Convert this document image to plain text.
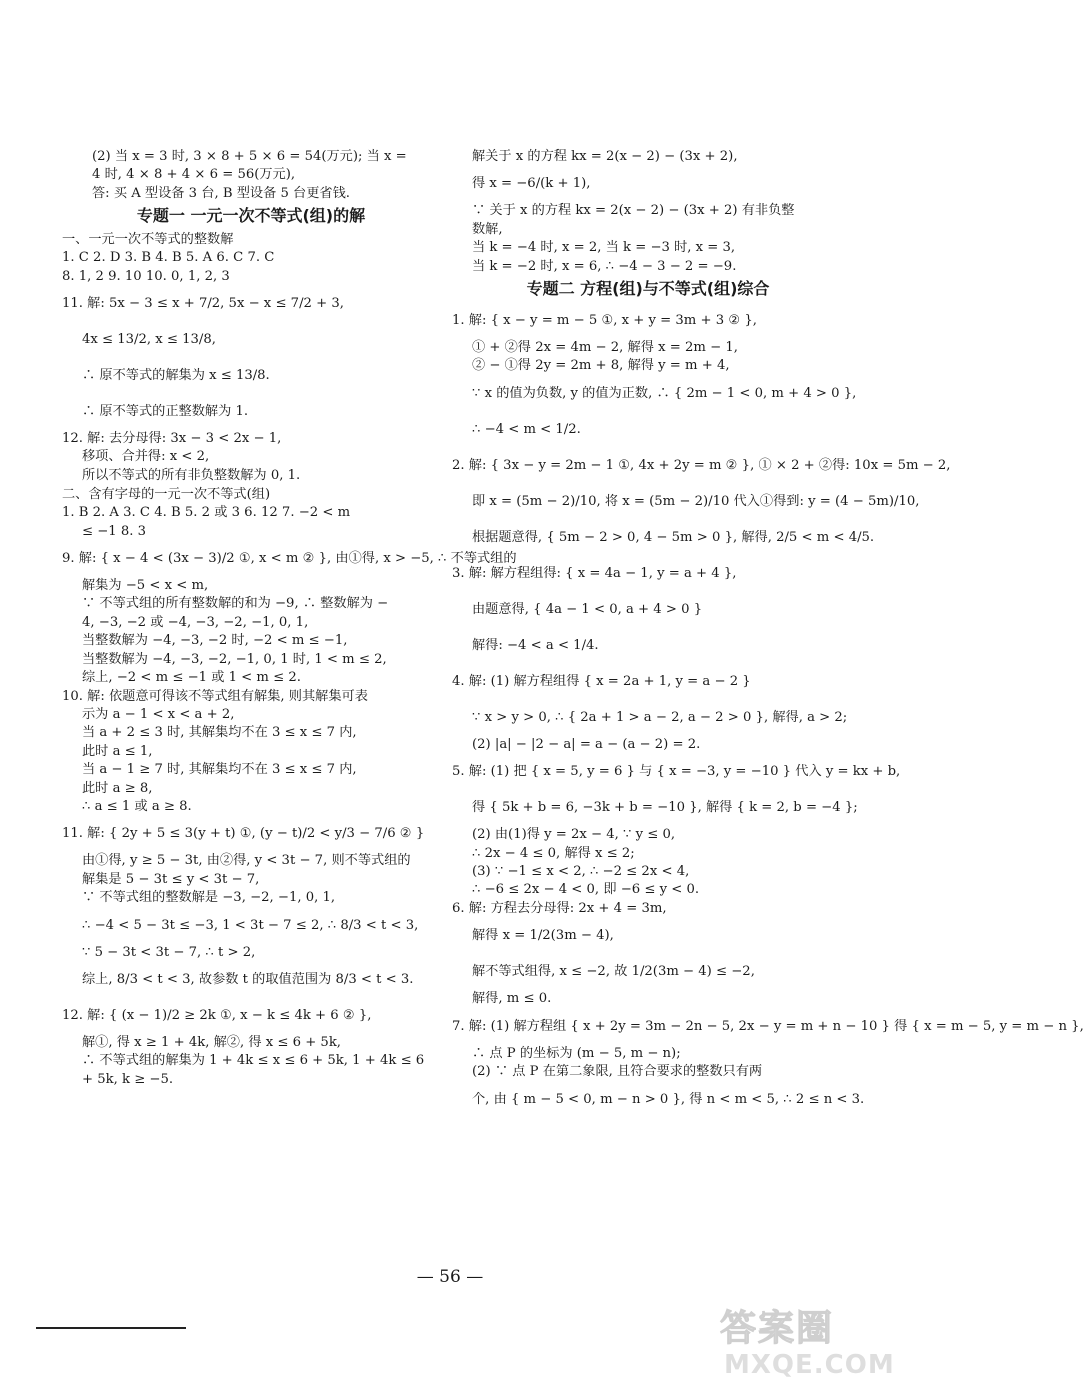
(2) 当 x = 3 时, 3 × 8 + 5 × 6 = 54(万元); 当 x =
4 时, 4 × 8 + 4 × 6 = 56(万元),
答: 买 A 型设备 3 台, B 型设备 5 台更省钱.
专题一 一元一次不等式(组)的解
一、一元一次不等式的整数解
1. C 2. D 3. B 4. B 5. A 6. C 7. C
8. 1, 2 9. 10 10. 0, 1, 2, 3
11. 解: 5x − 3 ≤ x + 7/2, 5x − x ≤ 7/2 + 3,
4x ≤ 13/2, x ≤ 13/8,
∴ 原不等式的解集为 x ≤ 13/8.
∴ 原不等式的正整数解为 1.
12. 解: 去分母得: 3x − 3 < 2x − 1,
移项、合并得: x < 2,
所以不等式的所有非负整数解为 0, 1.
二、含有字母的一元一次不等式(组)
1. B 2. A 3. C 4. B 5. 2 或 3 6. 12 7. −2 < m
≤ −1 8. 3
9. 解: { x − 4 < (3x − 3)/2 ①, x < m ② }, 由①得, x > −5, ∴ 不等式组的
解集为 −5 < x < m,
∵ 不等式组的所有整数解的和为 −9, ∴ 整数解为 −
4, −3, −2 或 −4, −3, −2, −1, 0, 1,
当整数解为 −4, −3, −2 时, −2 < m ≤ −1,
当整数解为 −4, −3, −2, −1, 0, 1 时, 1 < m ≤ 2,
综上, −2 < m ≤ −1 或 1 < m ≤ 2.
10. 解: 依题意可得该不等式组有解集, 则其解集可表
示为 a − 1 < x < a + 2,
当 a + 2 ≤ 3 时, 其解集均不在 3 ≤ x ≤ 7 内,
此时 a ≤ 1,
当 a − 1 ≥ 7 时, 其解集均不在 3 ≤ x ≤ 7 内,
此时 a ≥ 8,
∴ a ≤ 1 或 a ≥ 8.
11. 解: { 2y + 5 ≤ 3(y + t) ①, (y − t)/2 < y/3 − 7/6 ② }
由①得, y ≥ 5 − 3t, 由②得, y < 3t − 7, 则不等式组的
解集是 5 − 3t ≤ y < 3t − 7,
∵ 不等式组的整数解是 −3, −2, −1, 0, 1,
∴ −4 < 5 − 3t ≤ −3, 1 < 3t − 7 ≤ 2, ∴ 8/3 < t < 3,
∵ 5 − 3t < 3t − 7, ∴ t > 2,
综上, 8/3 < t < 3, 故参数 t 的取值范围为 8/3 < t < 3.
12. 解: { (x − 1)/2 ≥ 2k ①, x − k ≤ 4k + 6 ② },
解①, 得 x ≥ 1 + 4k, 解②, 得 x ≤ 6 + 5k,
∴ 不等式组的解集为 1 + 4k ≤ x ≤ 6 + 5k, 1 + 4k ≤ 6
+ 5k, k ≥ −5.
解关于 x 的方程 kx = 2(x − 2) − (3x + 2),
得 x = −6/(k + 1),
∵ 关于 x 的方程 kx = 2(x − 2) − (3x + 2) 有非负整
数解,
当 k = −4 时, x = 2, 当 k = −3 时, x = 3,
当 k = −2 时, x = 6, ∴ −4 − 3 − 2 = −9.
专题二 方程(组)与不等式(组)综合
1. 解: { x − y = m − 5 ①, x + y = 3m + 3 ② },
① + ②得 2x = 4m − 2, 解得 x = 2m − 1,
② − ①得 2y = 2m + 8, 解得 y = m + 4,
∵ x 的值为负数, y 的值为正数, ∴ { 2m − 1 < 0, m + 4 > 0 },
∴ −4 < m < 1/2.
2. 解: { 3x − y = 2m − 1 ①, 4x + 2y = m ② }, ① × 2 + ②得: 10x = 5m − 2,
即 x = (5m − 2)/10, 将 x = (5m − 2)/10 代入①得到: y = (4 − 5m)/10,
根据题意得, { 5m − 2 > 0, 4 − 5m > 0 }, 解得, 2/5 < m < 4/5.
3. 解: 解方程组得: { x = 4a − 1, y = a + 4 },
由题意得, { 4a − 1 < 0, a + 4 > 0 }
解得: −4 < a < 1/4.
4. 解: (1) 解方程组得 { x = 2a + 1, y = a − 2 }
∵ x > y > 0, ∴ { 2a + 1 > a − 2, a − 2 > 0 }, 解得, a > 2;
(2) |a| − |2 − a| = a − (a − 2) = 2.
5. 解: (1) 把 { x = 5, y = 6 } 与 { x = −3, y = −10 } 代入 y = kx + b,
得 { 5k + b = 6, −3k + b = −10 }, 解得 { k = 2, b = −4 };
(2) 由(1)得 y = 2x − 4, ∵ y ≤ 0,
∴ 2x − 4 ≤ 0, 解得 x ≤ 2;
(3) ∵ −1 ≤ x < 2, ∴ −2 ≤ 2x < 4,
∴ −6 ≤ 2x − 4 < 0, 即 −6 ≤ y < 0.
6. 解: 方程去分母得: 2x + 4 = 3m,
解得 x = 1/2(3m − 4),
解不等式组得, x ≤ −2, 故 1/2(3m − 4) ≤ −2,
解得, m ≤ 0.
7. 解: (1) 解方程组 { x + 2y = 3m − 2n − 5, 2x − y = m + n − 10 } 得 { x = m − 5, y = m − n },
∴ 点 P 的坐标为 (m − 5, m − n);
(2) ∵ 点 P 在第二象限, 且符合要求的整数只有两
个, 由 { m − 5 < 0, m − n > 0 }, 得 n < m < 5, ∴ 2 ≤ n < 3.
— 56 —
答案圈
MXQE.COM
